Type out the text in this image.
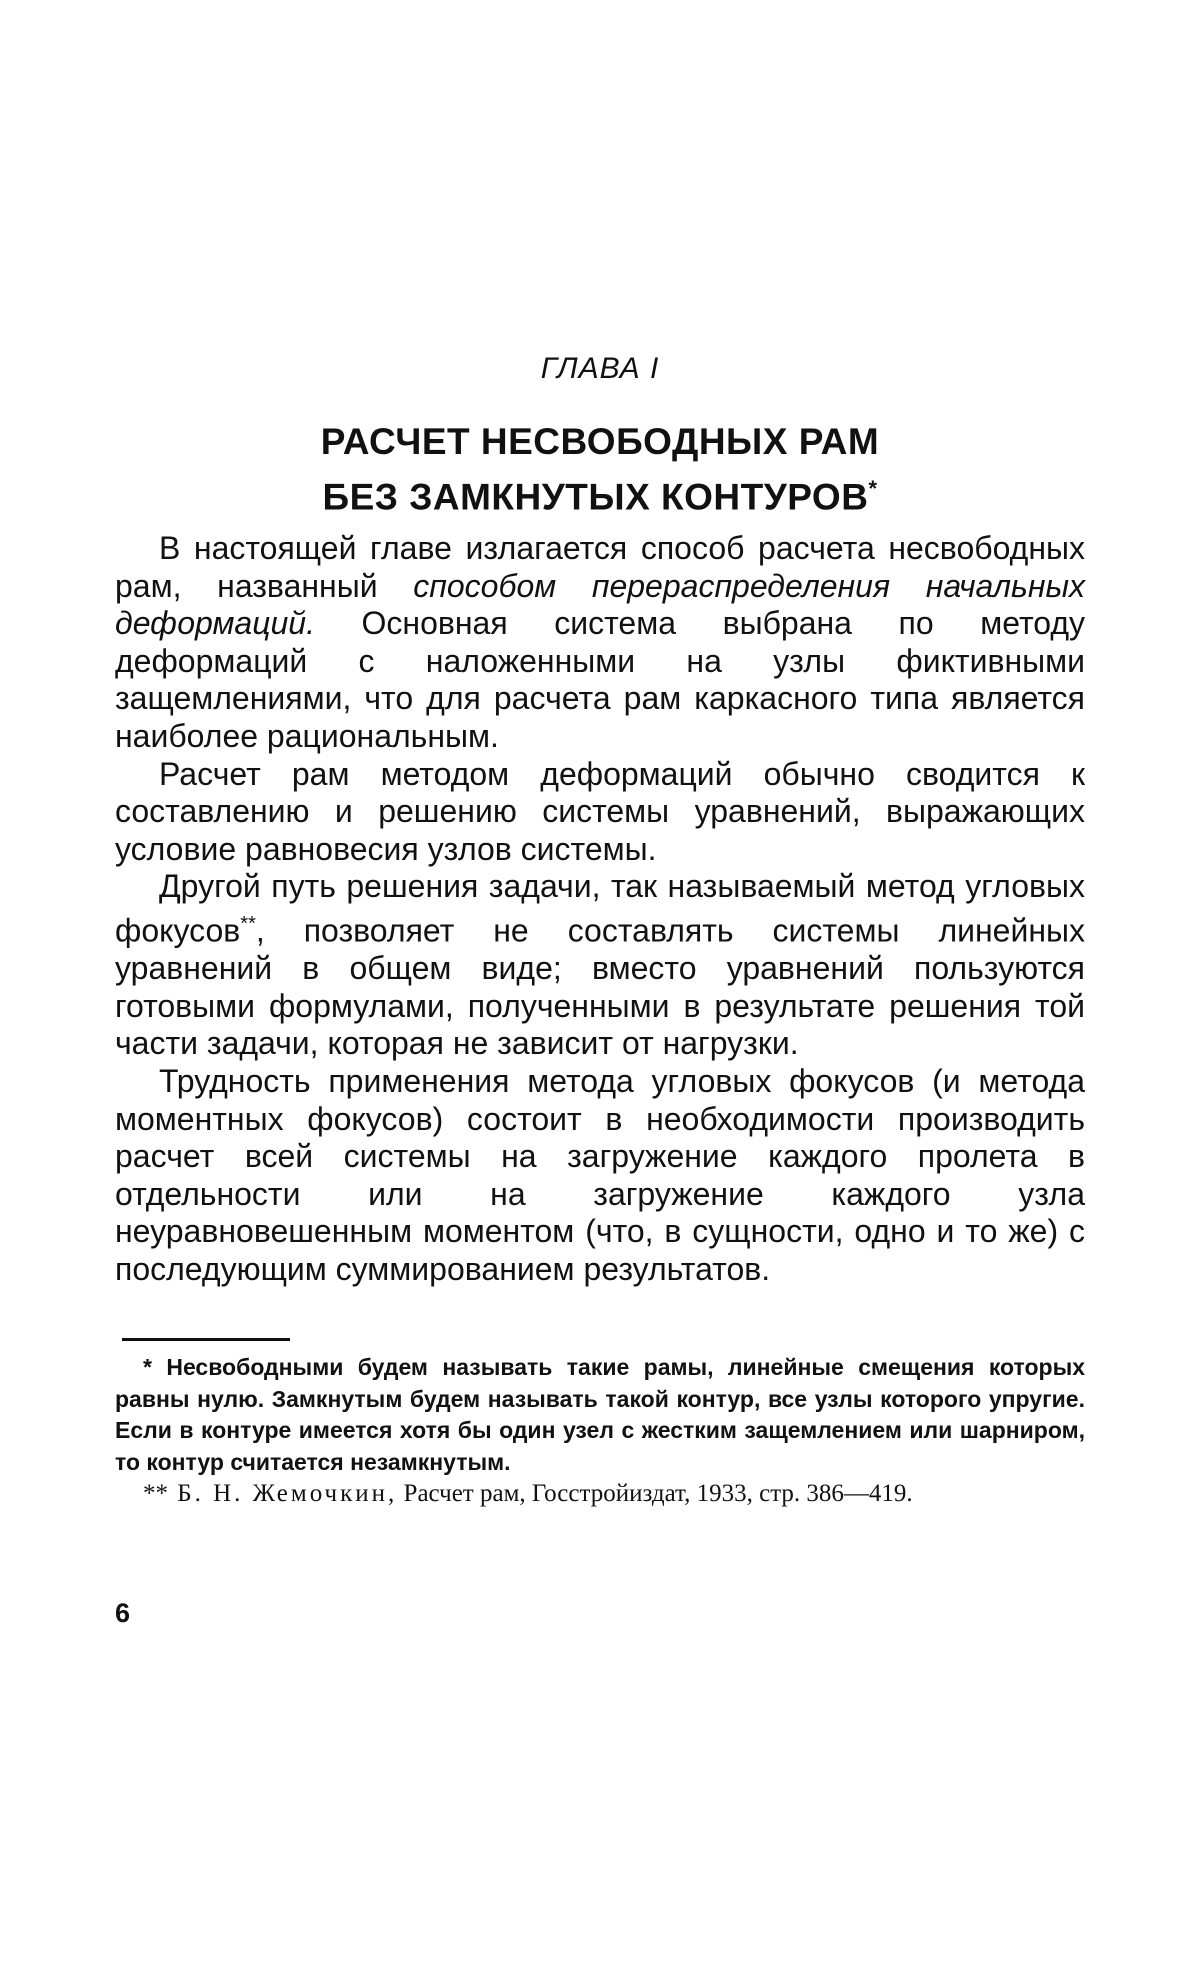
ГЛАВА I
РАСЧЕТ НЕСВОБОДНЫХ РАМ
БЕЗ ЗАМКНУТЫХ КОНТУРОВ*

В настоящей главе излагается способ расчета несвободных рам, названный способом перераспределения начальных деформаций. Основная система выбрана по методу деформаций с наложенными на узлы фиктивными защемлениями, что для расчета рам каркасного типа является наиболее рациональным.

Расчет рам методом деформаций обычно сводится к составлению и решению системы уравнений, выражающих условие равновесия узлов системы.

Другой путь решения задачи, так называемый метод угловых фокусов**, позволяет не составлять системы линейных уравнений в общем виде; вместо уравнений пользуются готовыми формулами, полученными в результате решения той части задачи, которая не зависит от нагрузки.

Трудность применения метода угловых фокусов (и метода моментных фокусов) состоит в необходимости производить расчет всей системы на загружение каждого пролета в отдельности или на загружение каждого узла неуравновешенным моментом (что, в сущности, одно и то же) с последующим суммированием результатов.

* Несвободными будем называть такие рамы, линейные смещения которых равны нулю. Замкнутым будем называть такой контур, все узлы которого упругие. Если в контуре имеется хотя бы один узел с жестким защемлением или шарниром, то контур считается незамкнутым.

** Б. Н. Жемочкин, Расчет рам, Госстройиздат, 1933, стр. 386—419.

6
